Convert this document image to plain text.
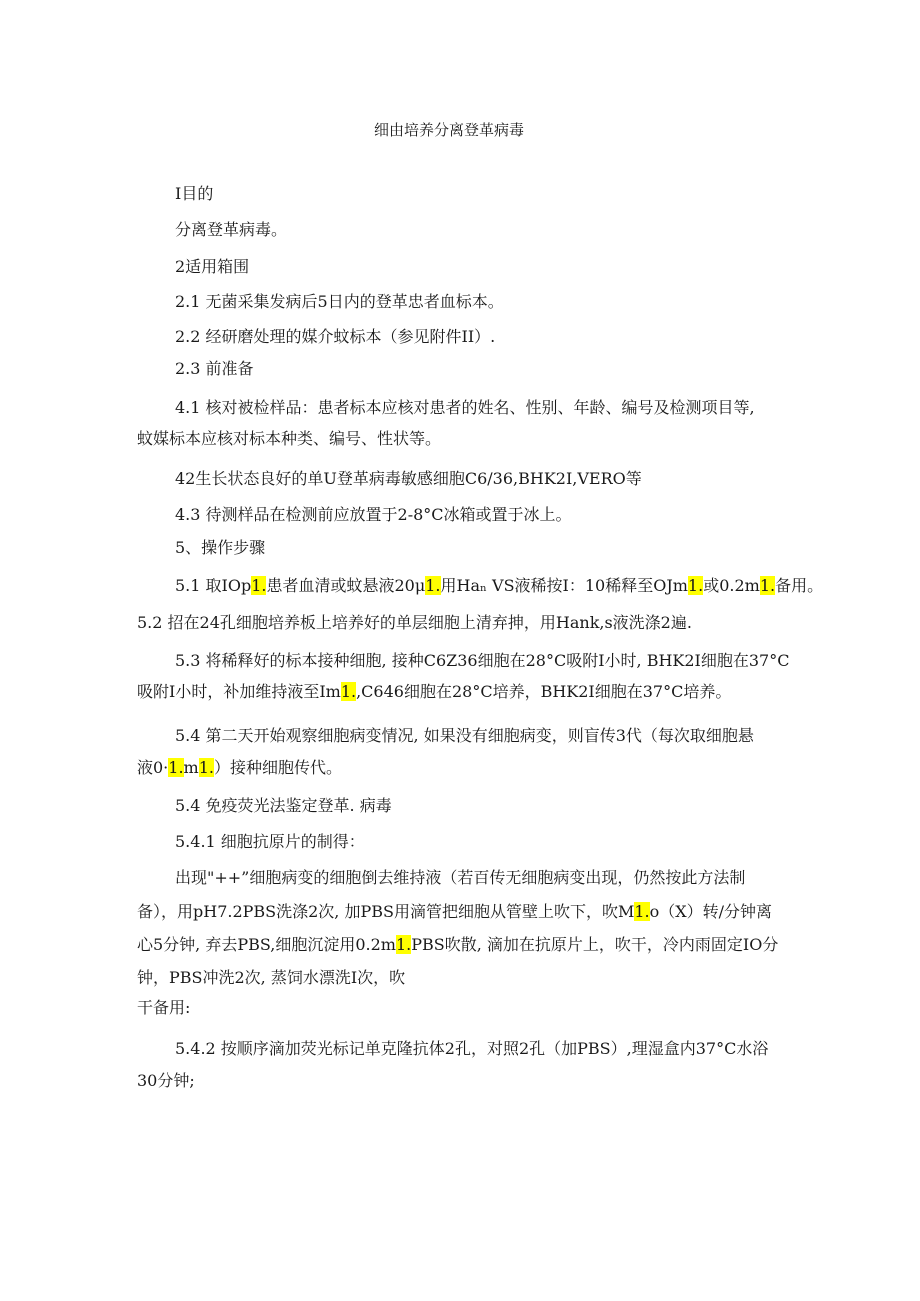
细由培养分离登革病毒
I目的
分离登革病毒。
2适用箱围
2.1 无菌采集发病后5日内的登革忠者血标本。
2.2 经研磨处理的媒介蚊标本（参见附件II）.
2.3 前准备
4.1 核对被检样品：患者标本应核对患者的姓名、性别、年龄、编号及检测项目等,
蚊媒标本应核对标本种类、编号、性状等。
42生长状态良好的单U登革病毒敏感细胞C6∕36,BHK2I,VERO等
4.3 待测样品在检测前应放置于2-8°C冰箱或置于冰上。
5、操作步骤
5.1 取IOp1.患者血清或蚊悬液20μ1.用Haₙ VS液稀按I：10稀释至OJm1.或0.2m1.备用。
5.2 招在24孔细胞培养板上培养好的单层细胞上清弃抻，用Hank,s液洗涤2遍.
5.3 将稀释好的标本接种细胞, 接种C6Z36细胞在28°C吸附I小时, BHK2I细胞在37°C
吸附I小时，补加维持液至Im1.,C646细胞在28°C培养，BHK2I细胞在37°C培养。
5.4 第二天开始观察细胞病变情况, 如果没有细胞病变，则盲传3代（每次取细胞悬
液0·1.m1.）接种细胞传代。
5.4 免疫荧光法鉴定登革. 病毒
5.4.1 细胞抗原片的制得：
出现"++”细胞病变的细胞倒去维持液（若百传无细胞病变出现，仍然按此方法制
备），用pH7.2PBS洗涤2次, 加PBS用滴管把细胞从管壁上吹下，吹M1.o（X）转/分钟离
心5分钟, 弃去PBS,细胞沉淀用0.2m1.PBS吹散, 滴加在抗原片上，吹干，冷内雨固定IO分
钟，PBS冲洗2次, 蒸饲水漂洗I次，吹
干备用:
5.4.2 按顺序滴加荧光标记单克隆抗体2孔，对照2孔（加PBS）,理湿盒内37°C水浴
30分钟;
